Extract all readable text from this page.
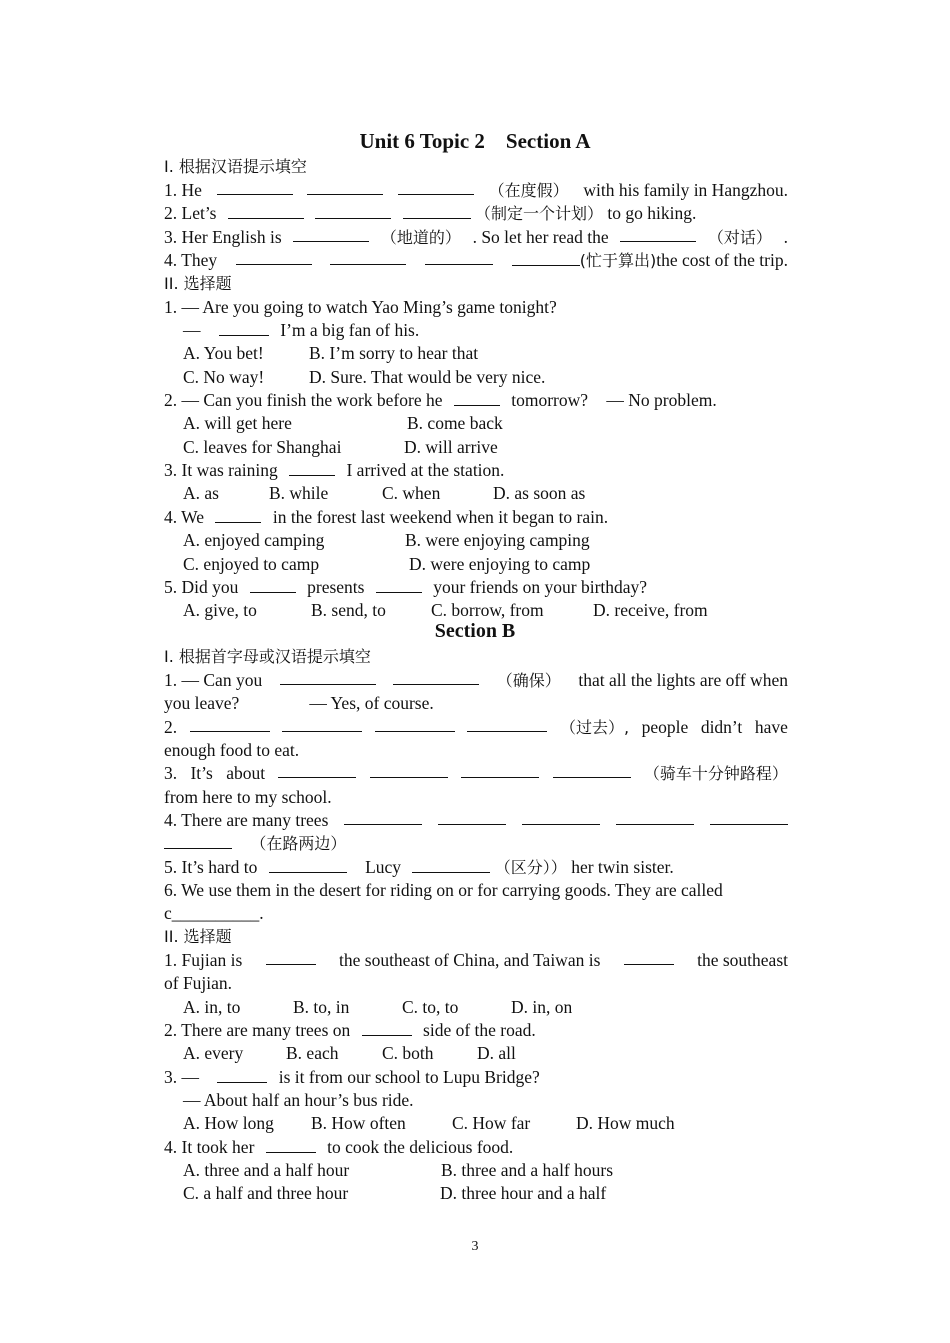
Unit 6 Topic 2    Section A
I. 根据汉语提示填空
1. He	（在度假） with his family in Hangzhou.
2. Let’s	（制定一个计划） to go hiking.
3. Her English is	（地道的） . So let her read the	（对话） .
4. They	(忙于算出)the cost of the trip.
II. 选择题
1. — Are you going to watch Yao Ming’s game tonight?
—	I’m a big fan of his.
A. You bet!	B. I’m sorry to hear that
C. No way!	D. Sure. That would be very nice.
2. — Can you finish the work before he	tomorrow? — No problem.
A. will get here	B. come back
C. leaves for Shanghai	D. will arrive
3. It was raining	I arrived at the station.
A. as	B. while	C. when	D. as soon as
4. We	in the forest last weekend when it began to rain.
A. enjoyed camping	B. were enjoying camping
C. enjoyed to camp	D. were enjoying to camp
5. Did you	presents	your friends on your birthday?
A. give, to	B. send, to	C. borrow, from	D. receive, from
Section B
I. 根据首字母或汉语提示填空
1. — Can you	（确保） that all the lights are off when
you leave?	— Yes, of course.
2.	（过去）, people didn’t have
enough food to eat.
3. It’s about	（骑车十分钟路程）
from here to my school.
4. There are many trees
（在路两边）
5. It’s hard to	Lucy	（区分）） her twin sister.
6. We use them in the desert for riding on or for carrying goods. They are called
c__________.
II. 选择题
1. Fujian is	the southeast of China, and Taiwan is	the southeast
of Fujian.
A. in, to	B. to, in	C. to, to	D. in, on
2. There are many trees on	side of the road.
A. every B. each C. both D. all
3. —	is it from our school to Lupu Bridge?
— About half an hour’s bus ride.
A. How long B. How often	C. How far	D. How much
4. It took her	to cook the delicious food.
A. three and a half hour	B. three and a half hours
C. a half and three hour	D. three hour and a half
3
